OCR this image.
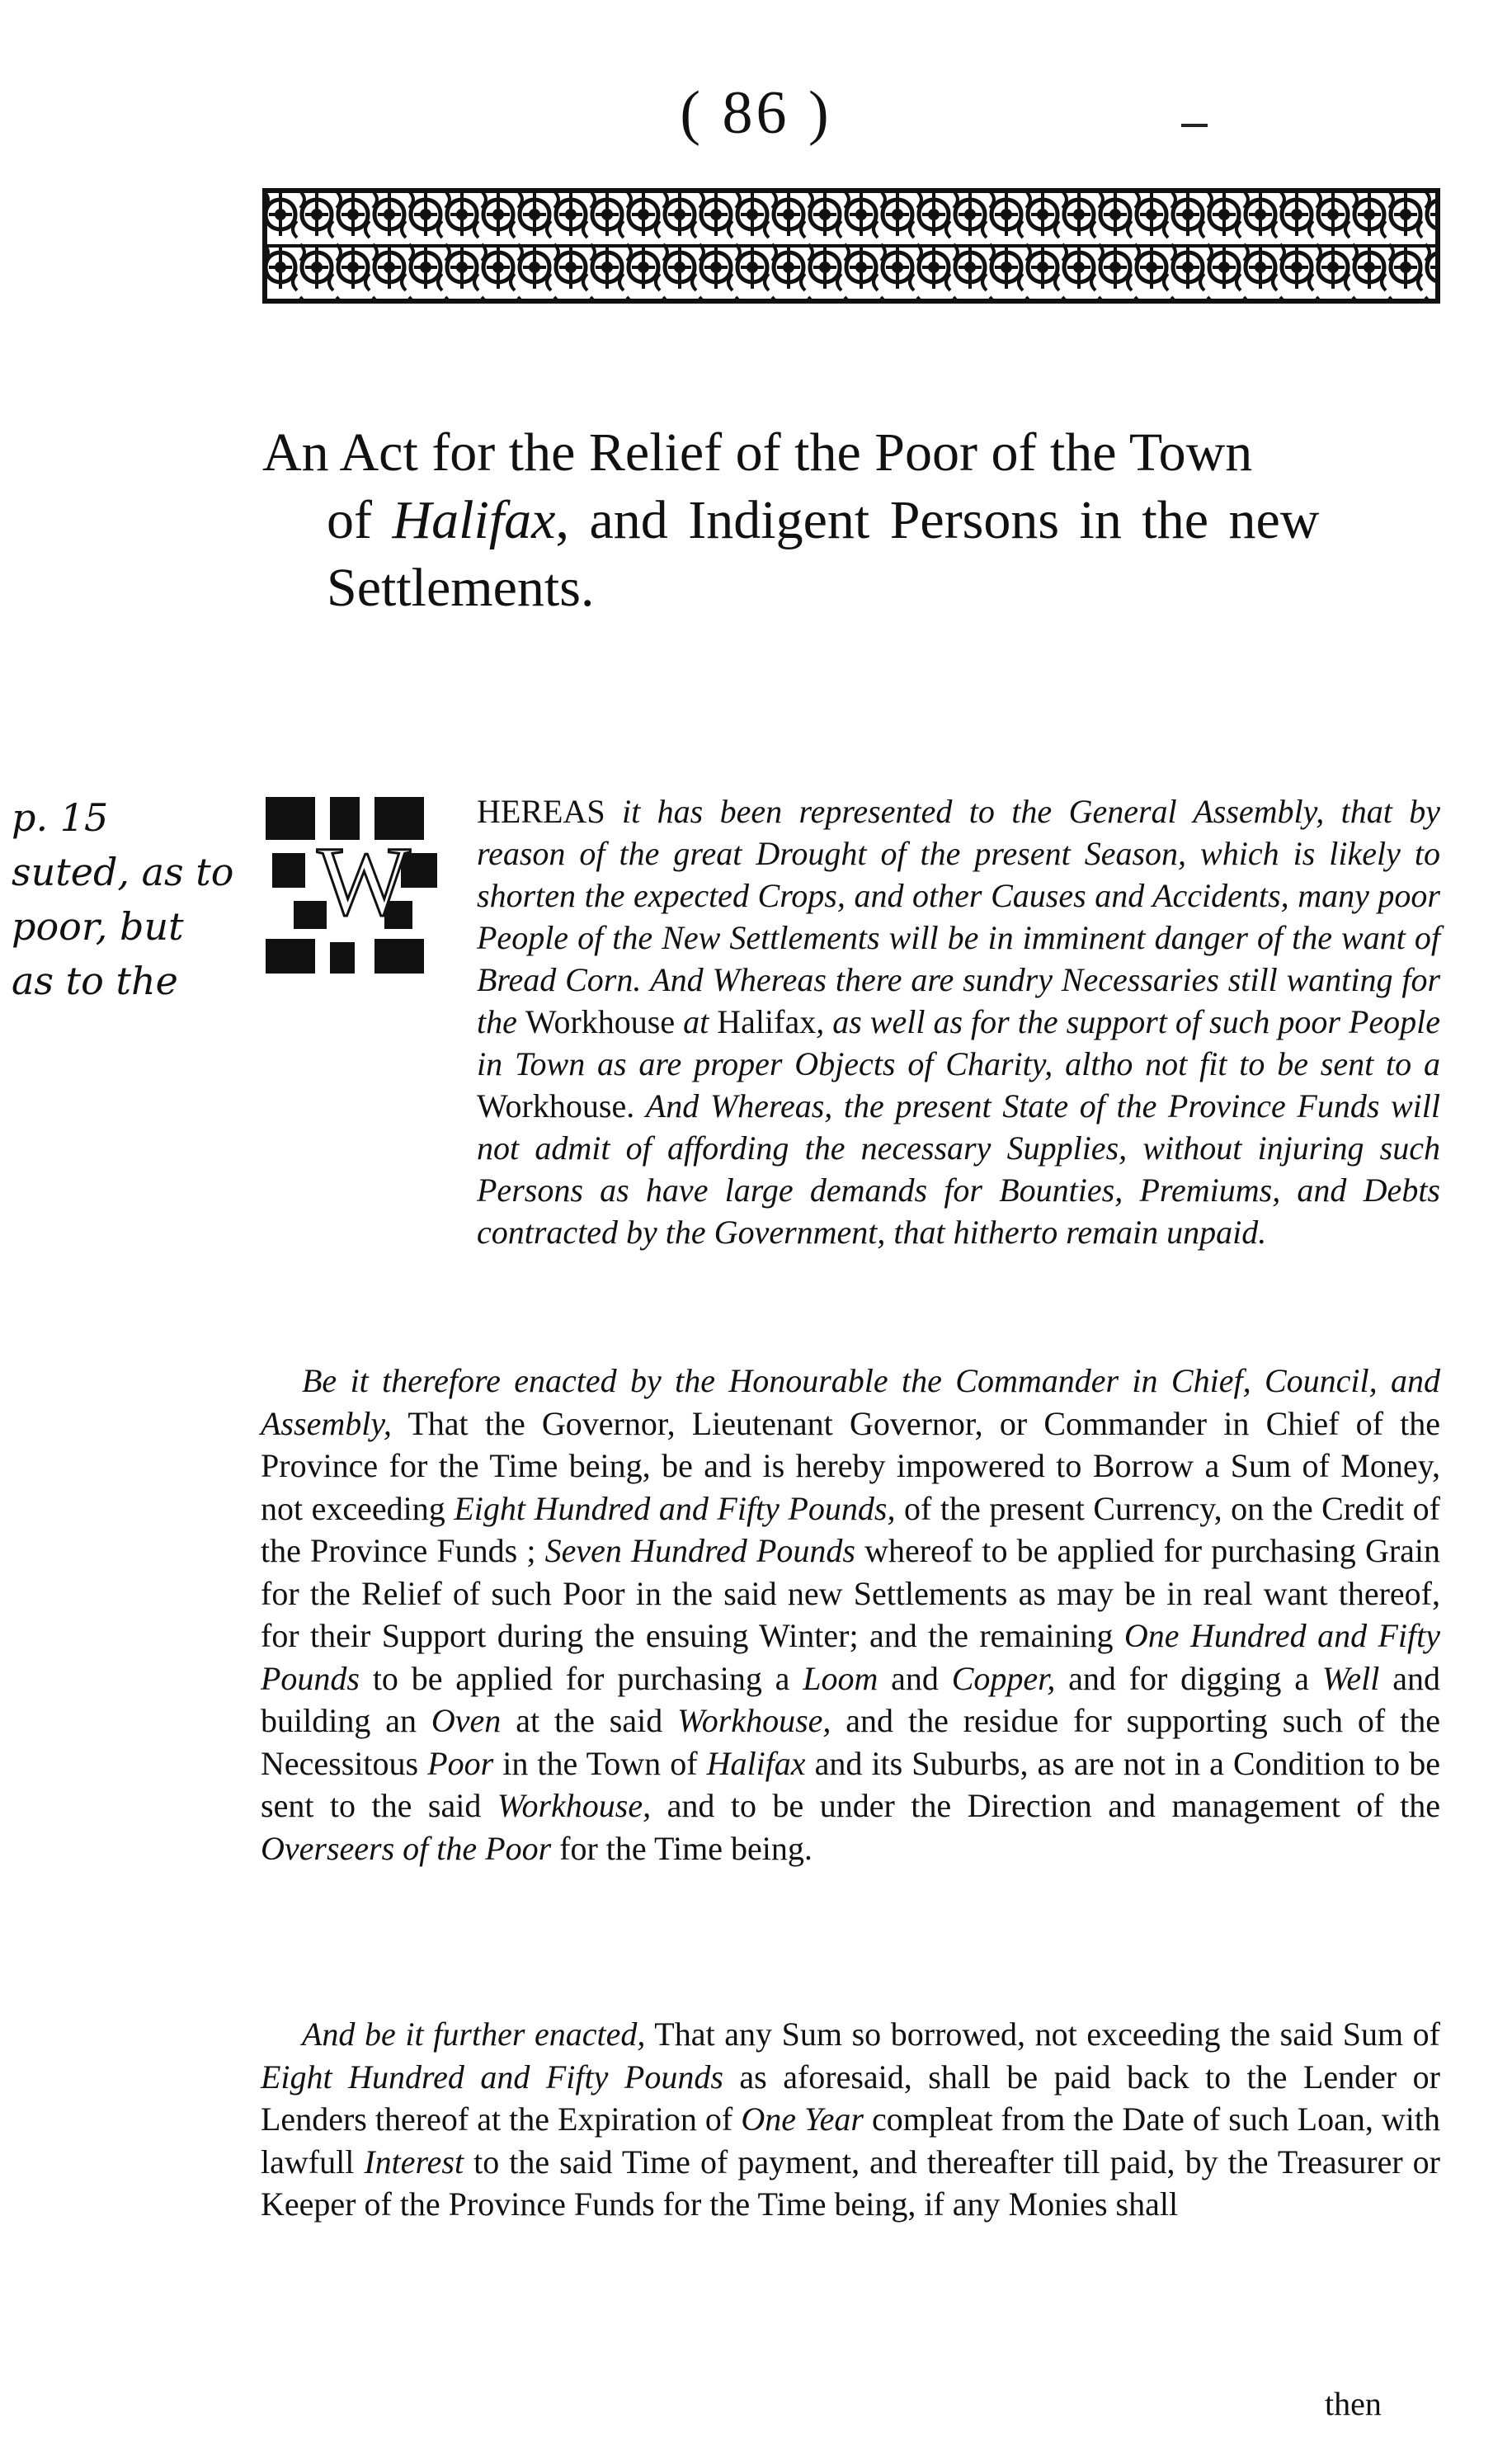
( 86 )
An Act for the Relief of the Poor of the Town
of Halifax, and Indigent Persons in the new
Settlements.
p. 15
suted, as to
poor, but
as to the
W
HEREAS it has been represented to the General Assembly, that by reason of the great Drought of the present Season, which is likely to shorten the expected Crops, and other Causes and Accidents, many poor People of the New Settlements will be in imminent danger of the want of Bread Corn. And Whereas there are sundry Necessaries still wanting for the Workhouse at Halifax, as well as for the support of such poor People in Town as are proper Objects of Charity, altho not fit to be sent to a Workhouse. And Whereas, the present State of the Province Funds will not admit of affording the necessary Supplies, without injuring such Persons as have large demands for Bounties, Premiums, and Debts contracted by the Government, that hitherto remain unpaid.
Be it therefore enacted by the Honourable the Commander in Chief, Council, and Assembly, That the Governor, Lieutenant Governor, or Commander in Chief of the Province for the Time being, be and is hereby impowered to Borrow a Sum of Money, not exceeding Eight Hundred and Fifty Pounds, of the present Currency, on the Credit of the Province Funds ; Seven Hundred Pounds whereof to be applied for purchasing Grain for the Relief of such Poor in the said new Settlements as may be in real want thereof, for their Support during the ensuing Winter; and the remaining One Hundred and Fifty Pounds to be applied for purchasing a Loom and Copper, and for digging a Well and building an Oven at the said Workhouse, and the residue for supporting such of the Necessitous Poor in the Town of Halifax and its Suburbs, as are not in a Condition to be sent to the said Workhouse, and to be under the Direction and management of the Overseers of the Poor for the Time being.
And be it further enacted, That any Sum so borrowed, not exceeding the said Sum of Eight Hundred and Fifty Pounds as aforesaid, shall be paid back to the Lender or Lenders thereof at the Expiration of One Year compleat from the Date of such Loan, with lawfull Interest to the said Time of payment, and thereafter till paid, by the Treasurer or Keeper of the Province Funds for the Time being, if any Monies shall
then
